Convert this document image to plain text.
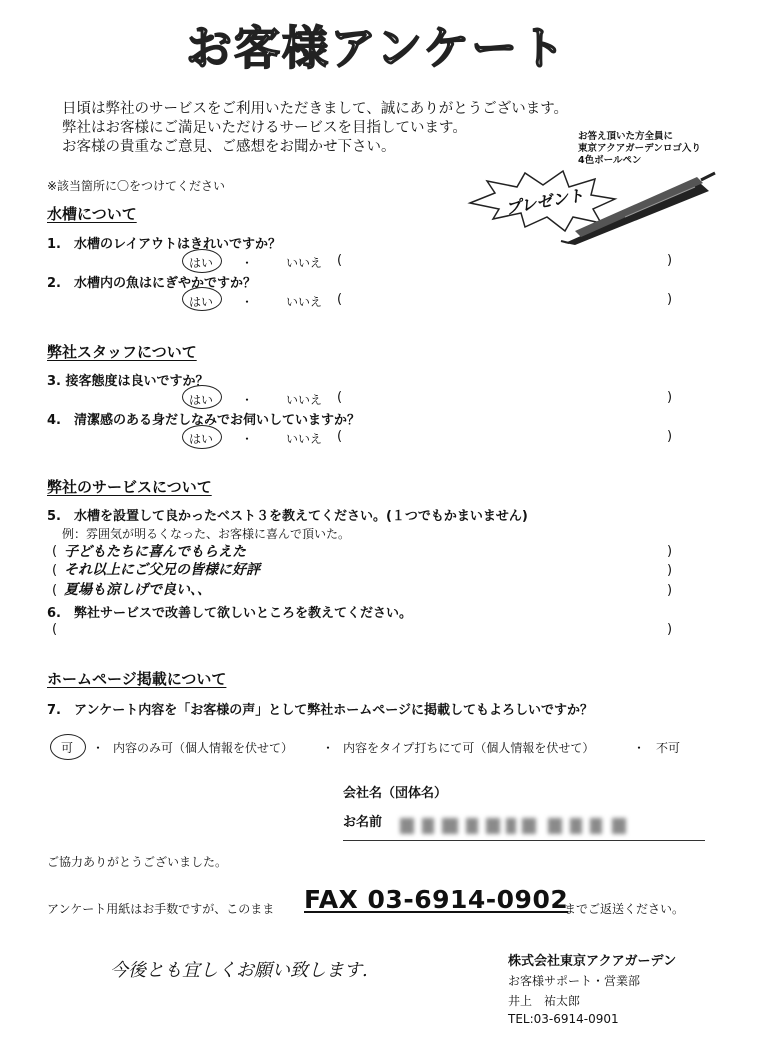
お客様アンケート
日頃は弊社のサービスをご利用いただきまして、誠にありがとうございます。
弊社はお客様にご満足いただけるサービスを目指しています。
お客様の貴重なご意見、ご感想をお聞かせ下さい。
お答え頂いた方全員に
東京アクアガーデンロゴ入り
4色ボールペン
プレゼント
※該当箇所に〇をつけてください
水槽について
1.　水槽のレイアウトはきれいですか？
はい ・	いいえ (	)
2.　水槽内の魚はにぎやかですか？
はい ・	いいえ (	)
弊社スタッフについて
3. 接客態度は良いですか？
はい ・	いいえ (	)
4.　清潔感のある身だしなみでお伺いしていますか？
はい ・	いいえ (	)
弊社のサービスについて
5.　水槽を設置して良かったベスト３を教えてください。(１つでもかまいません)
例：雰囲気が明るくなった、お客様に喜んで頂いた。
( 子どもたちに喜んでもらえた	)
( それ以上にご父兄の皆様に好評	)
( 夏場も涼しげで良い、、	)
6.　弊社サービスで改善して欲しいところを教えてください。
(	)
ホームページ掲載について
7.　アンケート内容を「お客様の声」として弊社ホームページに掲載してもよろしいですか？
可 ・ 内容のみ可（個人情報を伏せて） ・ 内容をタイプ打ちにて可（個人情報を伏せて）	・ 不可
会社名（団体名）
お名前
ご協力ありがとうございました。
アンケート用紙はお手数ですが、このまま FAX 03-6914-0902
までご返送ください。
今後とも宜しくお願い致します.	株式会社東京アクアガーデン
お客様サポート・営業部
井上　祐太郎
TEL:03-6914-0901
